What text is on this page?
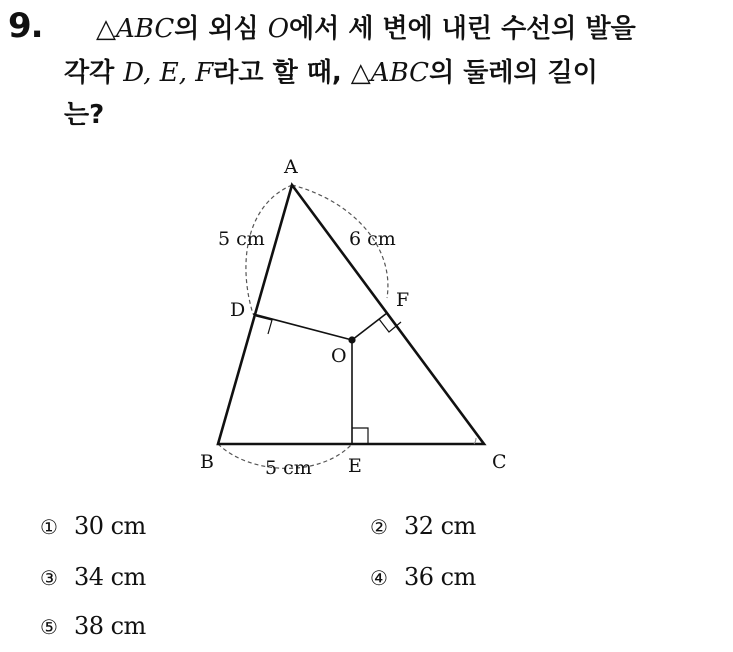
9. △ABC의 외심 O에서 세 변에 내린 수선의 발을
각각 D, E, F라고 할 때, △ABC의 둘레의 길이
는?
A
B	C
D
E
F
O
5 cm	6 cm
5 cm
① 30 cm	② 32 cm
③ 34 cm	④ 36 cm
⑤ 38 cm
